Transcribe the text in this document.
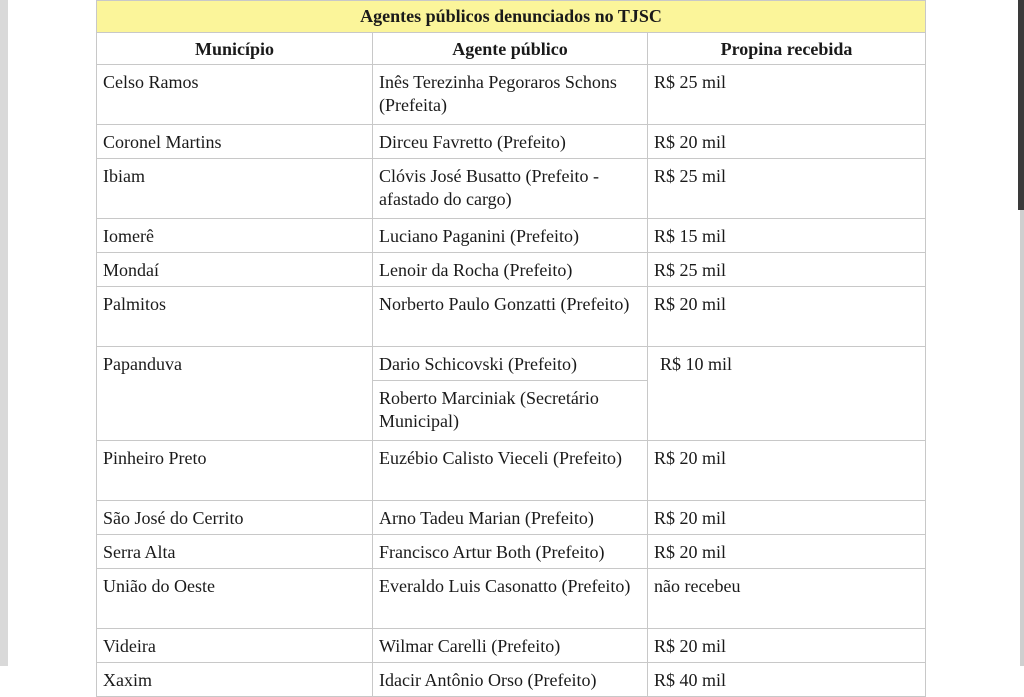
Agentes públicos denunciados no TJSC		
Município	Agente público	Propina recebida
Celso Ramos	Inês Terezinha Pegoraros Schons (Prefeita)	R$ 25 mil
Coronel Martins	Dirceu Favretto (Prefeito)	R$ 20 mil
Ibiam	Clóvis José Busatto (Prefeito - afastado do cargo)	R$ 25 mil
Iomerê	Luciano Paganini (Prefeito)	R$ 15 mil
Mondaí	Lenoir da Rocha (Prefeito)	R$ 25 mil
Palmitos	Norberto Paulo Gonzatti (Prefeito)	R$ 20 mil
Papanduva	Dario Schicovski (Prefeito)	R$ 10 mil
	Roberto Marciniak (Secretário Municipal)	
Pinheiro Preto	Euzébio Calisto Vieceli (Prefeito)	R$ 20 mil
São José do Cerrito	Arno Tadeu Marian (Prefeito)	R$ 20 mil
Serra Alta	Francisco Artur Both (Prefeito)	R$ 20 mil
União do Oeste	Everaldo Luis Casonatto (Prefeito)	não recebeu
Videira	Wilmar Carelli (Prefeito)	R$ 20 mil
Xaxim	Idacir Antônio Orso (Prefeito)	R$ 40 mil
